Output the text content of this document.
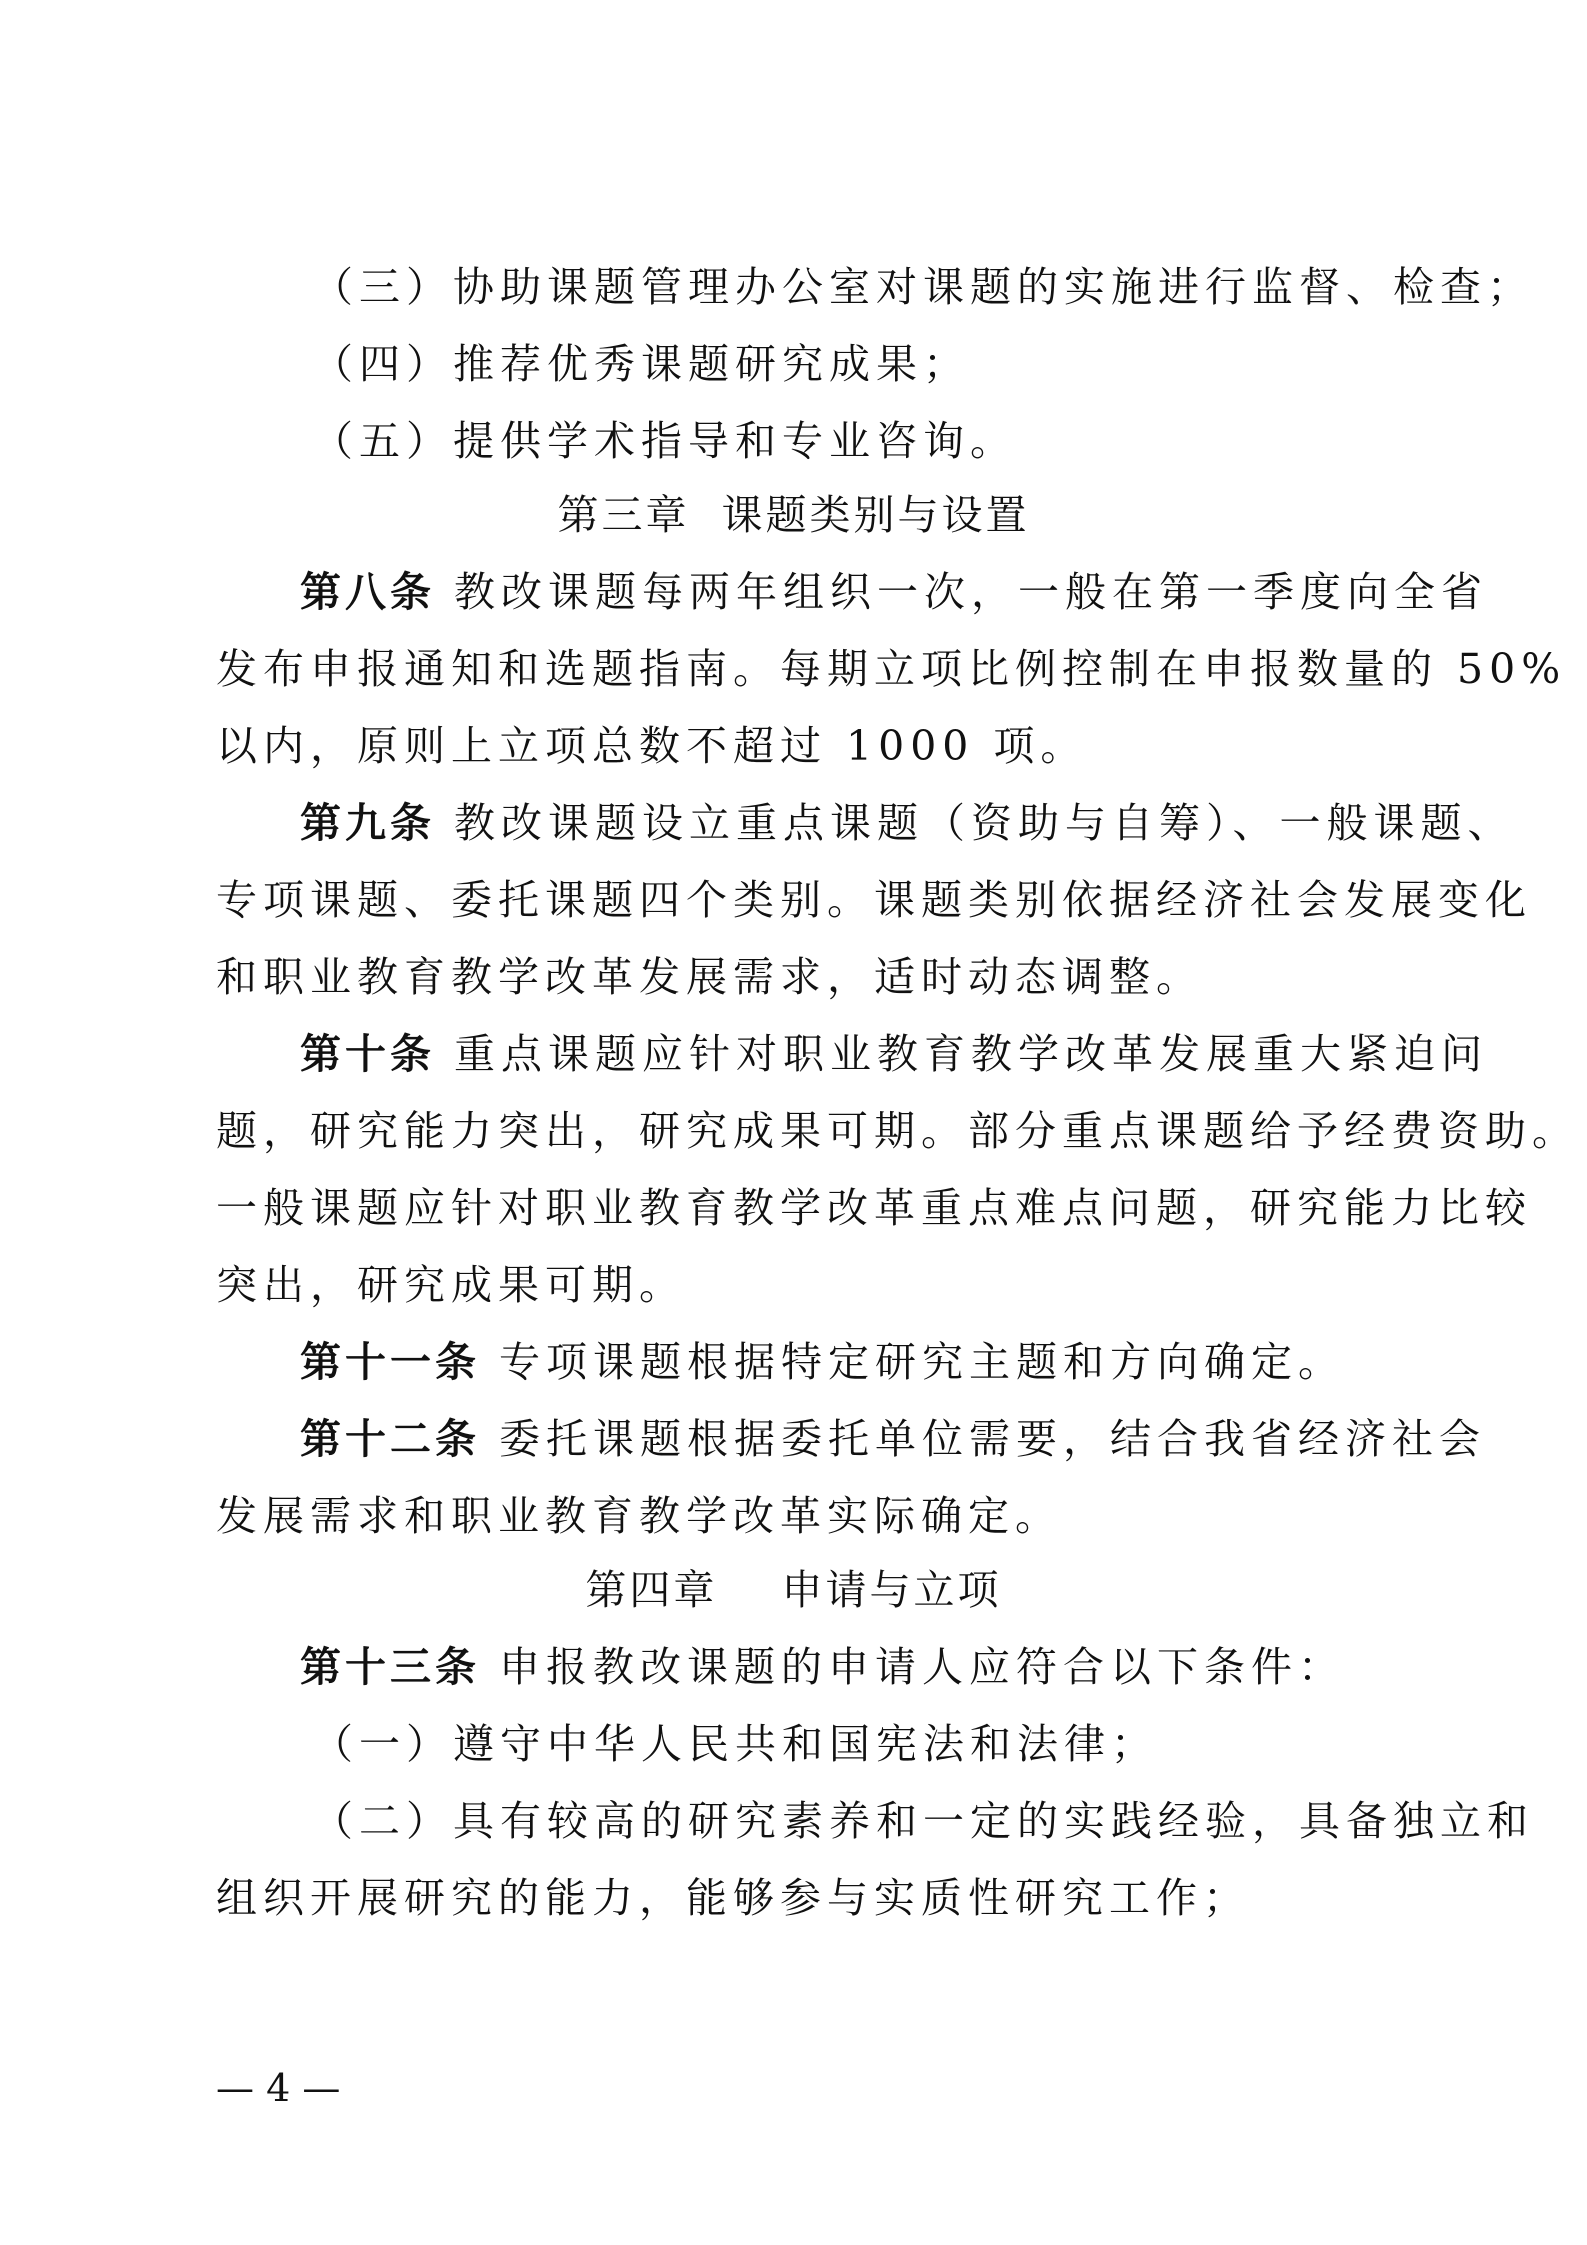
（三）协助课题管理办公室对课题的实施进行监督、检查；
（四）推荐优秀课题研究成果；
（五）提供学术指导和专业咨询。
第三章  课题类别与设置
第八条 教改课题每两年组织一次，一般在第一季度向全省
发布申报通知和选题指南。每期立项比例控制在申报数量的 50%
以内，原则上立项总数不超过 1000 项。
第九条 教改课题设立重点课题（资助与自筹）、一般课题、
专项课题、委托课题四个类别。课题类别依据经济社会发展变化
和职业教育教学改革发展需求，适时动态调整。
第十条 重点课题应针对职业教育教学改革发展重大紧迫问
题，研究能力突出，研究成果可期。部分重点课题给予经费资助。
一般课题应针对职业教育教学改革重点难点问题，研究能力比较
突出，研究成果可期。
第十一条 专项课题根据特定研究主题和方向确定。
第十二条 委托课题根据委托单位需要，结合我省经济社会
发展需求和职业教育教学改革实际确定。
第四章    申请与立项
第十三条 申报教改课题的申请人应符合以下条件：
（一）遵守中华人民共和国宪法和法律；
（二）具有较高的研究素养和一定的实践经验，具备独立和
组织开展研究的能力，能够参与实质性研究工作；
— 4 —
